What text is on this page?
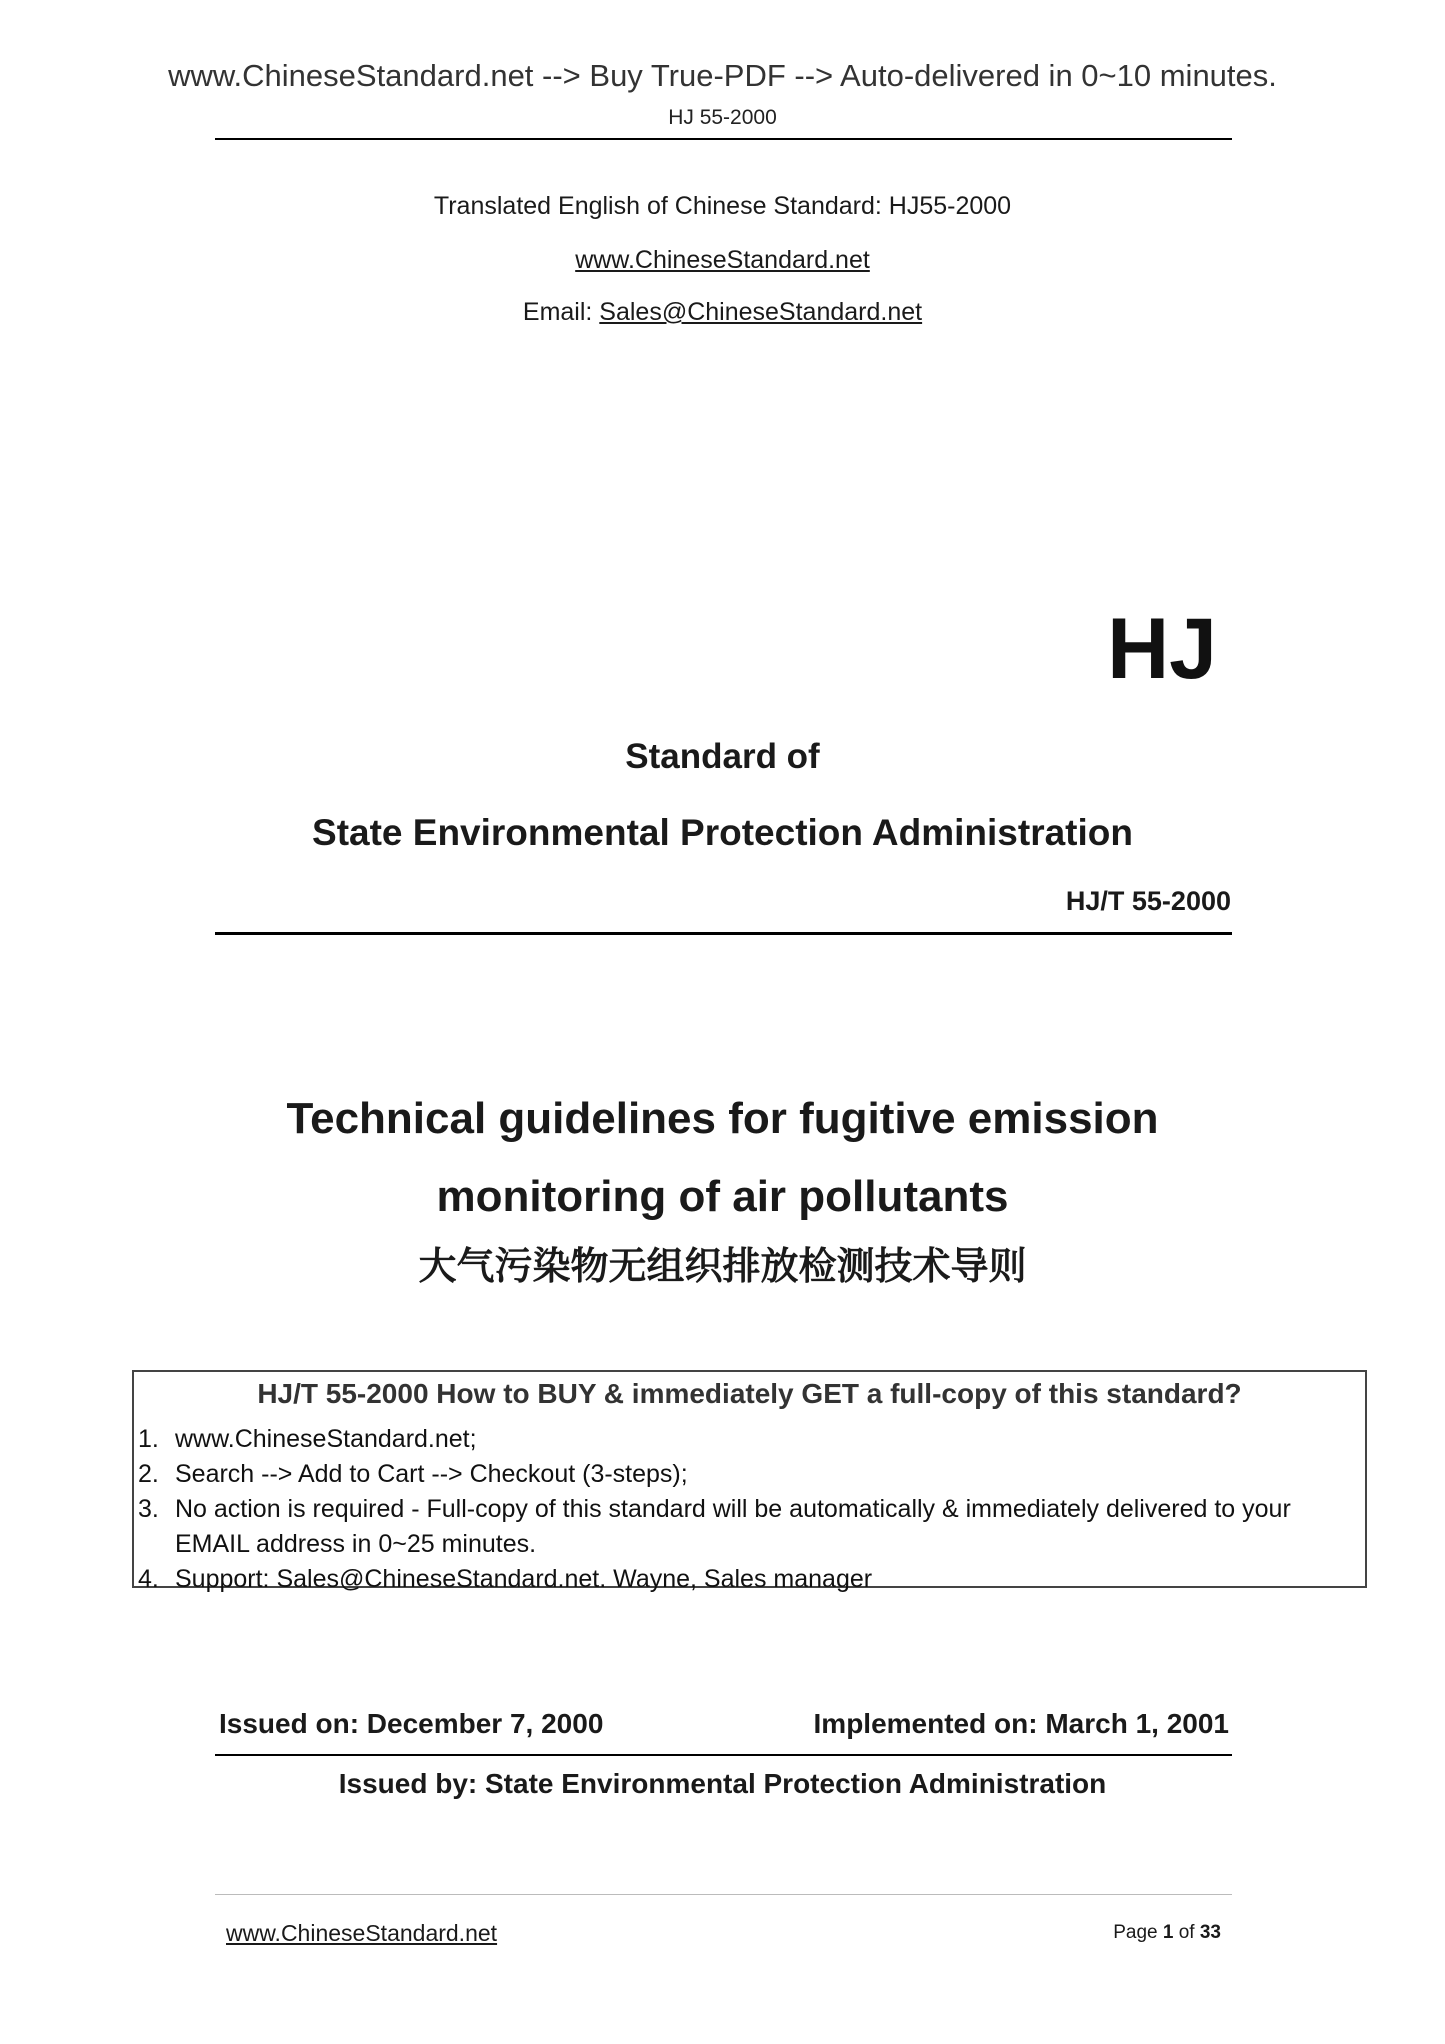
www.ChineseStandard.net --> Buy True-PDF --> Auto-delivered in 0~10 minutes.
HJ 55-2000
Translated English of Chinese Standard: HJ55-2000
www.ChineseStandard.net
Email: Sales@ChineseStandard.net
HJ
Standard of
State Environmental Protection Administration
HJ/T 55-2000
Technical guidelines for fugitive emission
monitoring of air pollutants
大气污染物无组织排放检测技术导则
HJ/T 55-2000 How to BUY & immediately GET a full-copy of this standard?
1. www.ChineseStandard.net;
2. Search --> Add to Cart --> Checkout (3-steps);
3. No action is required - Full-copy of this standard will be automatically & immediately delivered to your EMAIL address in 0~25 minutes.
4. Support: Sales@ChineseStandard.net. Wayne, Sales manager
Issued on: December 7, 2000	Implemented on: March 1, 2001
Issued by: State Environmental Protection Administration
www.ChineseStandard.net	Page 1 of 33
